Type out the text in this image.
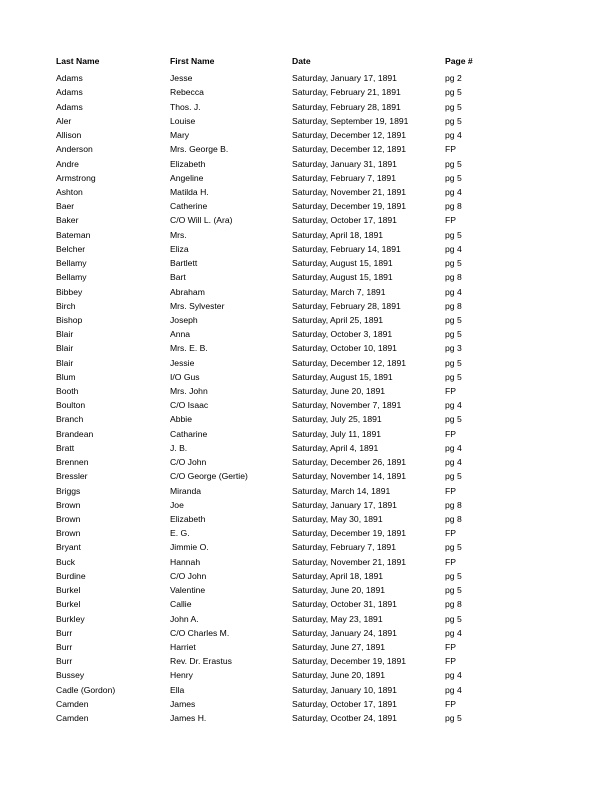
Last Name	First Name	Date	Page #
Adams	Jesse	Saturday, January 17, 1891	pg 2
Adams	Rebecca	Saturday, February 21, 1891	pg 5
Adams	Thos. J.	Saturday, February 28, 1891	pg 5
Aler	Louise	Saturday, September 19, 1891	pg 5
Allison	Mary	Saturday, December 12, 1891	pg 4
Anderson	Mrs. George B.	Saturday, December 12, 1891	FP
Andre	Elizabeth	Saturday, January 31, 1891	pg 5
Armstrong	Angeline	Saturday, February 7, 1891	pg 5
Ashton	Matilda H.	Saturday, November 21, 1891	pg 4
Baer	Catherine	Saturday, December 19, 1891	pg 8
Baker	C/O Will L. (Ara)	Saturday, October 17, 1891	FP
Bateman	Mrs.	Saturday, April 18, 1891	pg 5
Belcher	Eliza	Saturday, February 14, 1891	pg 4
Bellamy	Bartlett	Saturday, August 15, 1891	pg 5
Bellamy	Bart	Saturday, August 15, 1891	pg 8
Bibbey	Abraham	Saturday, March 7, 1891	pg 4
Birch	Mrs. Sylvester	Saturday, February 28, 1891	pg 8
Bishop	Joseph	Saturday, April 25, 1891	pg 5
Blair	Anna	Saturday, October 3, 1891	pg 5
Blair	Mrs. E. B.	Saturday, October 10, 1891	pg 3
Blair	Jessie	Saturday, December 12, 1891	pg 5
Blum	I/O Gus	Saturday, August 15, 1891	pg 5
Booth	Mrs. John	Saturday, June 20, 1891	FP
Boulton	C/O Isaac	Saturday, November 7, 1891	pg 4
Branch	Abbie	Saturday, July 25, 1891	pg 5
Brandean	Catharine	Saturday, July 11, 1891	FP
Bratt	J. B.	Saturday, April 4, 1891	pg 4
Brennen	C/O John	Saturday, December 26, 1891	pg 4
Bressler	C/O George (Gertie)	Saturday, November 14, 1891	pg 5
Briggs	Miranda	Saturday, March 14, 1891	FP
Brown	Joe	Saturday, January 17, 1891	pg 8
Brown	Elizabeth	Saturday, May 30, 1891	pg 8
Brown	E. G.	Saturday, December 19, 1891	FP
Bryant	Jimmie O.	Saturday, February 7, 1891	pg 5
Buck	Hannah	Saturday, November 21, 1891	FP
Burdine	C/O John	Saturday, April 18, 1891	pg 5
Burkel	Valentine	Saturday, June 20, 1891	pg 5
Burkel	Callie	Saturday, October 31, 1891	pg 8
Burkley	John A.	Saturday, May 23, 1891	pg 5
Burr	C/O Charles M.	Saturday, January 24, 1891	pg 4
Burr	Harriet	Saturday, June 27, 1891	FP
Burr	Rev. Dr. Erastus	Saturday, December 19, 1891	FP
Bussey	Henry	Saturday, June 20, 1891	pg 4
Cadle (Gordon)	Ella	Saturday, January 10, 1891	pg 4
Camden	James	Saturday, October 17, 1891	FP
Camden	James H.	Saturday, Ocotber 24, 1891	pg 5
